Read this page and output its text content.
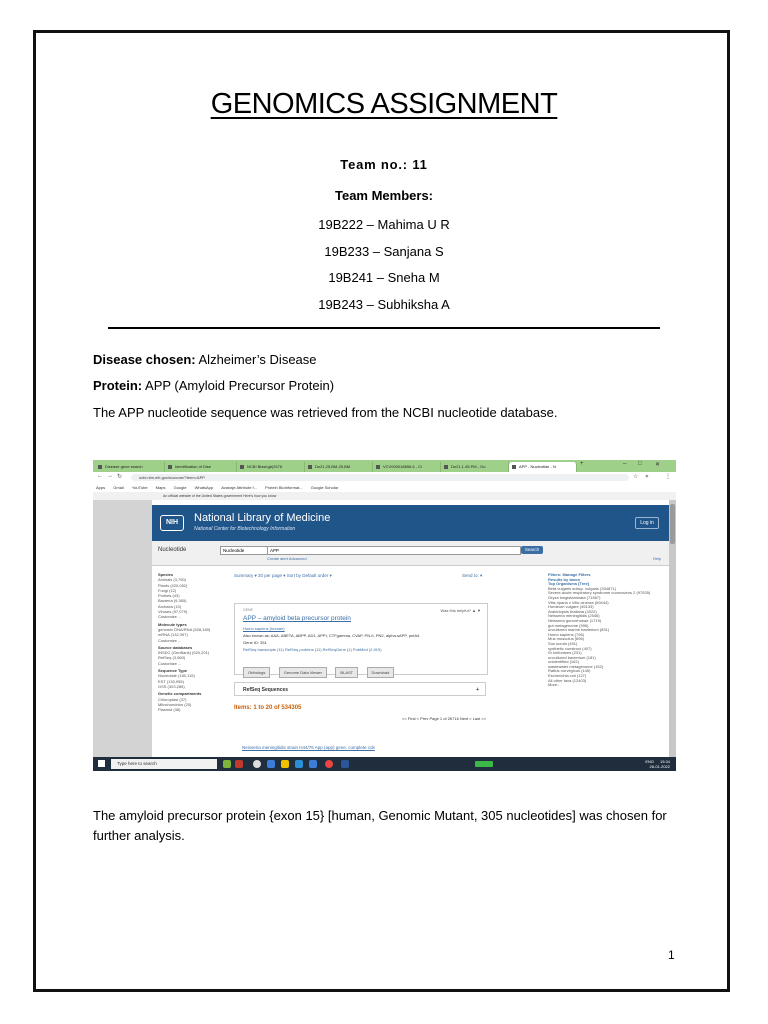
GENOMICS ASSIGNMENT
Team no.: 11
Team Members:
19B222 – Mahima U R
19B233 – Sanjana S
19B241 – Sneha M
19B243 – Subhiksha A
Disease chosen: Alzheimer’s Disease
Protein: APP (Amyloid Precursor Protein)
The APP nucleotide sequence was retrieved from the NCBI nucleotide database.
Disease gene search	Identification of Dise	NCBI Blast:gb|2576	Dn21.25.BM-25.BM	VCV000018896.6 - Cl	Dn21.1.45.PM - Go	APP - Nucleotide - N	+	– □ ✕
← → ↻	ncbi.nlm.nih.gov/nuccore/?term=APP	☆ ⋄	⋮
Apps Gmail YouTube Maps Google WhatsApp Avanaje Attribute f... Protein BioInformat... Google Scholar
An official website of the United States government Here's how you know
NIH	National Library of Medicine
National Center for Biotechnology Information
Log in
Nucleotide	Nucleotide	APP	Search
Create alert Advanced	Help
Species
Animals (3,790)
Plants (420,052)
Fungi (12)
Protists (43)
Bacteria (9,365)
Archaea (10)
Viruses (97,079)
Customize ...
Molecule types
genomic DNA/RNA (528,189)
mRNA (132,397)
Customize ...
Source databases
INSDC (GenBank) (520,201)
RefSeq (3,960)
Customize ...
Sequence Type
Nucleotide (150,115)
EST (130,955)
GSS (303,285)
Genetic compartments
Chloroplast (37)
Mitochondrion (20)
Plasmid (38)
Summary ▾ 20 per page ▾ Sort by Default order ▾	Send to: ▾
GENE	Was this helpful? ▲ ▼
APP – amyloid beta precursor protein
Homo sapiens (human)
Also known as: AAA, ABETA, ABPP, AD1, APPI, CTFgamma, CVAP, PN-II, PN2, alpha-sAPP, preA4
Gene ID: 351
RefSeq transcripts (11) RefSeq proteins (11) RefSeqGene (1) PubMed (2,919)
Orthologs	Genome Data Viewer	BLAST	Download
RefSeq Sequences	+
Items: 1 to 20 of 534305
<< First < Prev Page 1 of 26716 Next > Last >>
Neisseria meningitidis strain H44/76 App (app) gene, complete cds
Filters: Manage Filters
Results by taxon
Top Organisms [Tree]
Beta vulgaris subsp. vulgaris (334871)
Severe acute respiratory syndrome coronavirus 2 (97535)
Oryza longistaminata (71567)
Vitis riparia x Vitis cinerea (69444)
Hordeum vulgare (45133)
Arabidopsis thaliana (4022)
Neisseria meningitidis (2546)
Neisseria gonorrhoeae (1719)
gut metagenome (996)
uncultured marine bacterium (831)
Homo sapiens (796)
Mus musculus (696)
Sus scrofa (491)
synthetic construct (407)
Sr bellontzes (231)
uncultured bacterium (181)
unidentified (162)
wastewater metagenome (152)
Rattus norvegicus (145)
Escherichia coli (127)
All other taxa (12403)
More...
Type here to search	ENG 15:34
26-01-2022
The amyloid precursor protein {exon 15} [human, Genomic Mutant, 305 nucleotides] was chosen for further analysis.
1
